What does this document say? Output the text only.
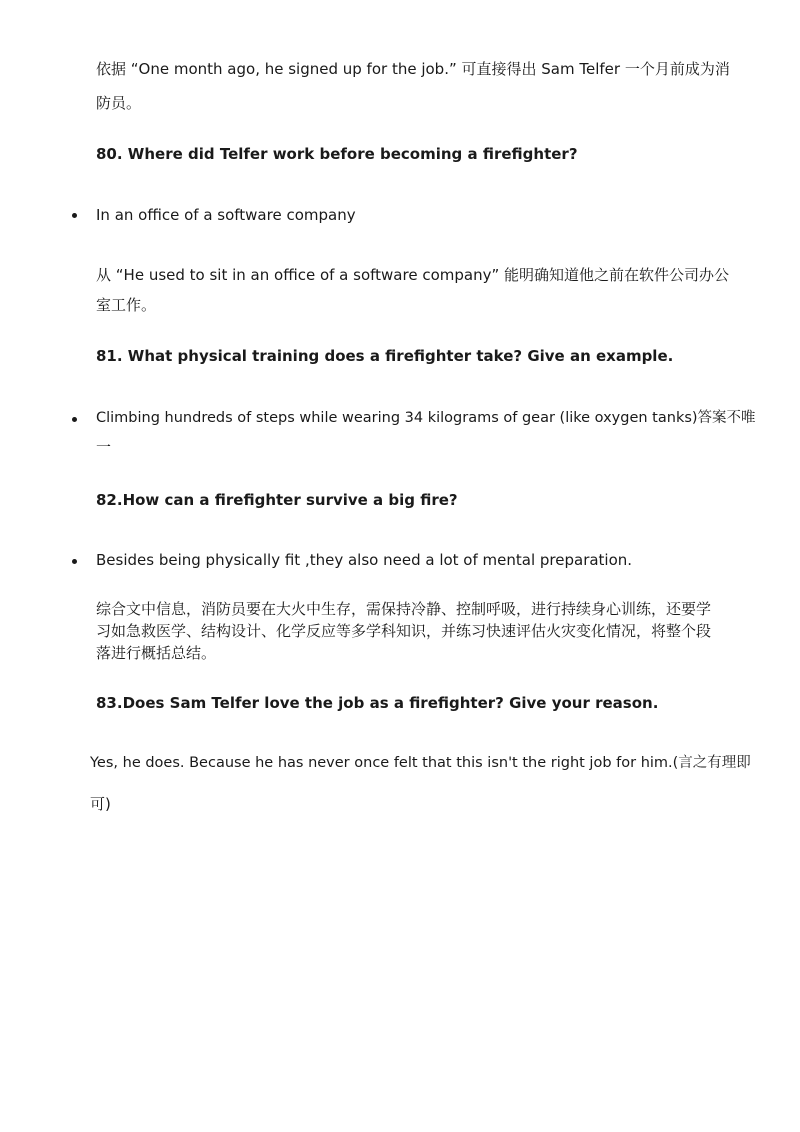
依据 “One month ago, he signed up for the job.” 可直接得出 Sam Telfer 一个月前成为消
防员。
80. Where did Telfer work before becoming a firefighter?
In an office of a software company
从 “He used to sit in an office of a software company” 能明确知道他之前在软件公司办公
室工作。
81. What physical training does a firefighter take? Give an example.
Climbing hundreds of steps while wearing 34 kilograms of gear (like oxygen tanks)答案不唯
一
82.How can a firefighter survive a big fire?
Besides being physically fit ,they also need a lot of mental preparation.
综合文中信息，消防员要在大火中生存，需保持冷静、控制呼吸，进行持续身心训练，还要学
习如急救医学、结构设计、化学反应等多学科知识，并练习快速评估火灾变化情况，将整个段
落进行概括总结。
83.Does Sam Telfer love the job as a firefighter? Give your reason.
Yes, he does. Because he has never once felt that this isn't the right job for him.(言之有理即
可)
